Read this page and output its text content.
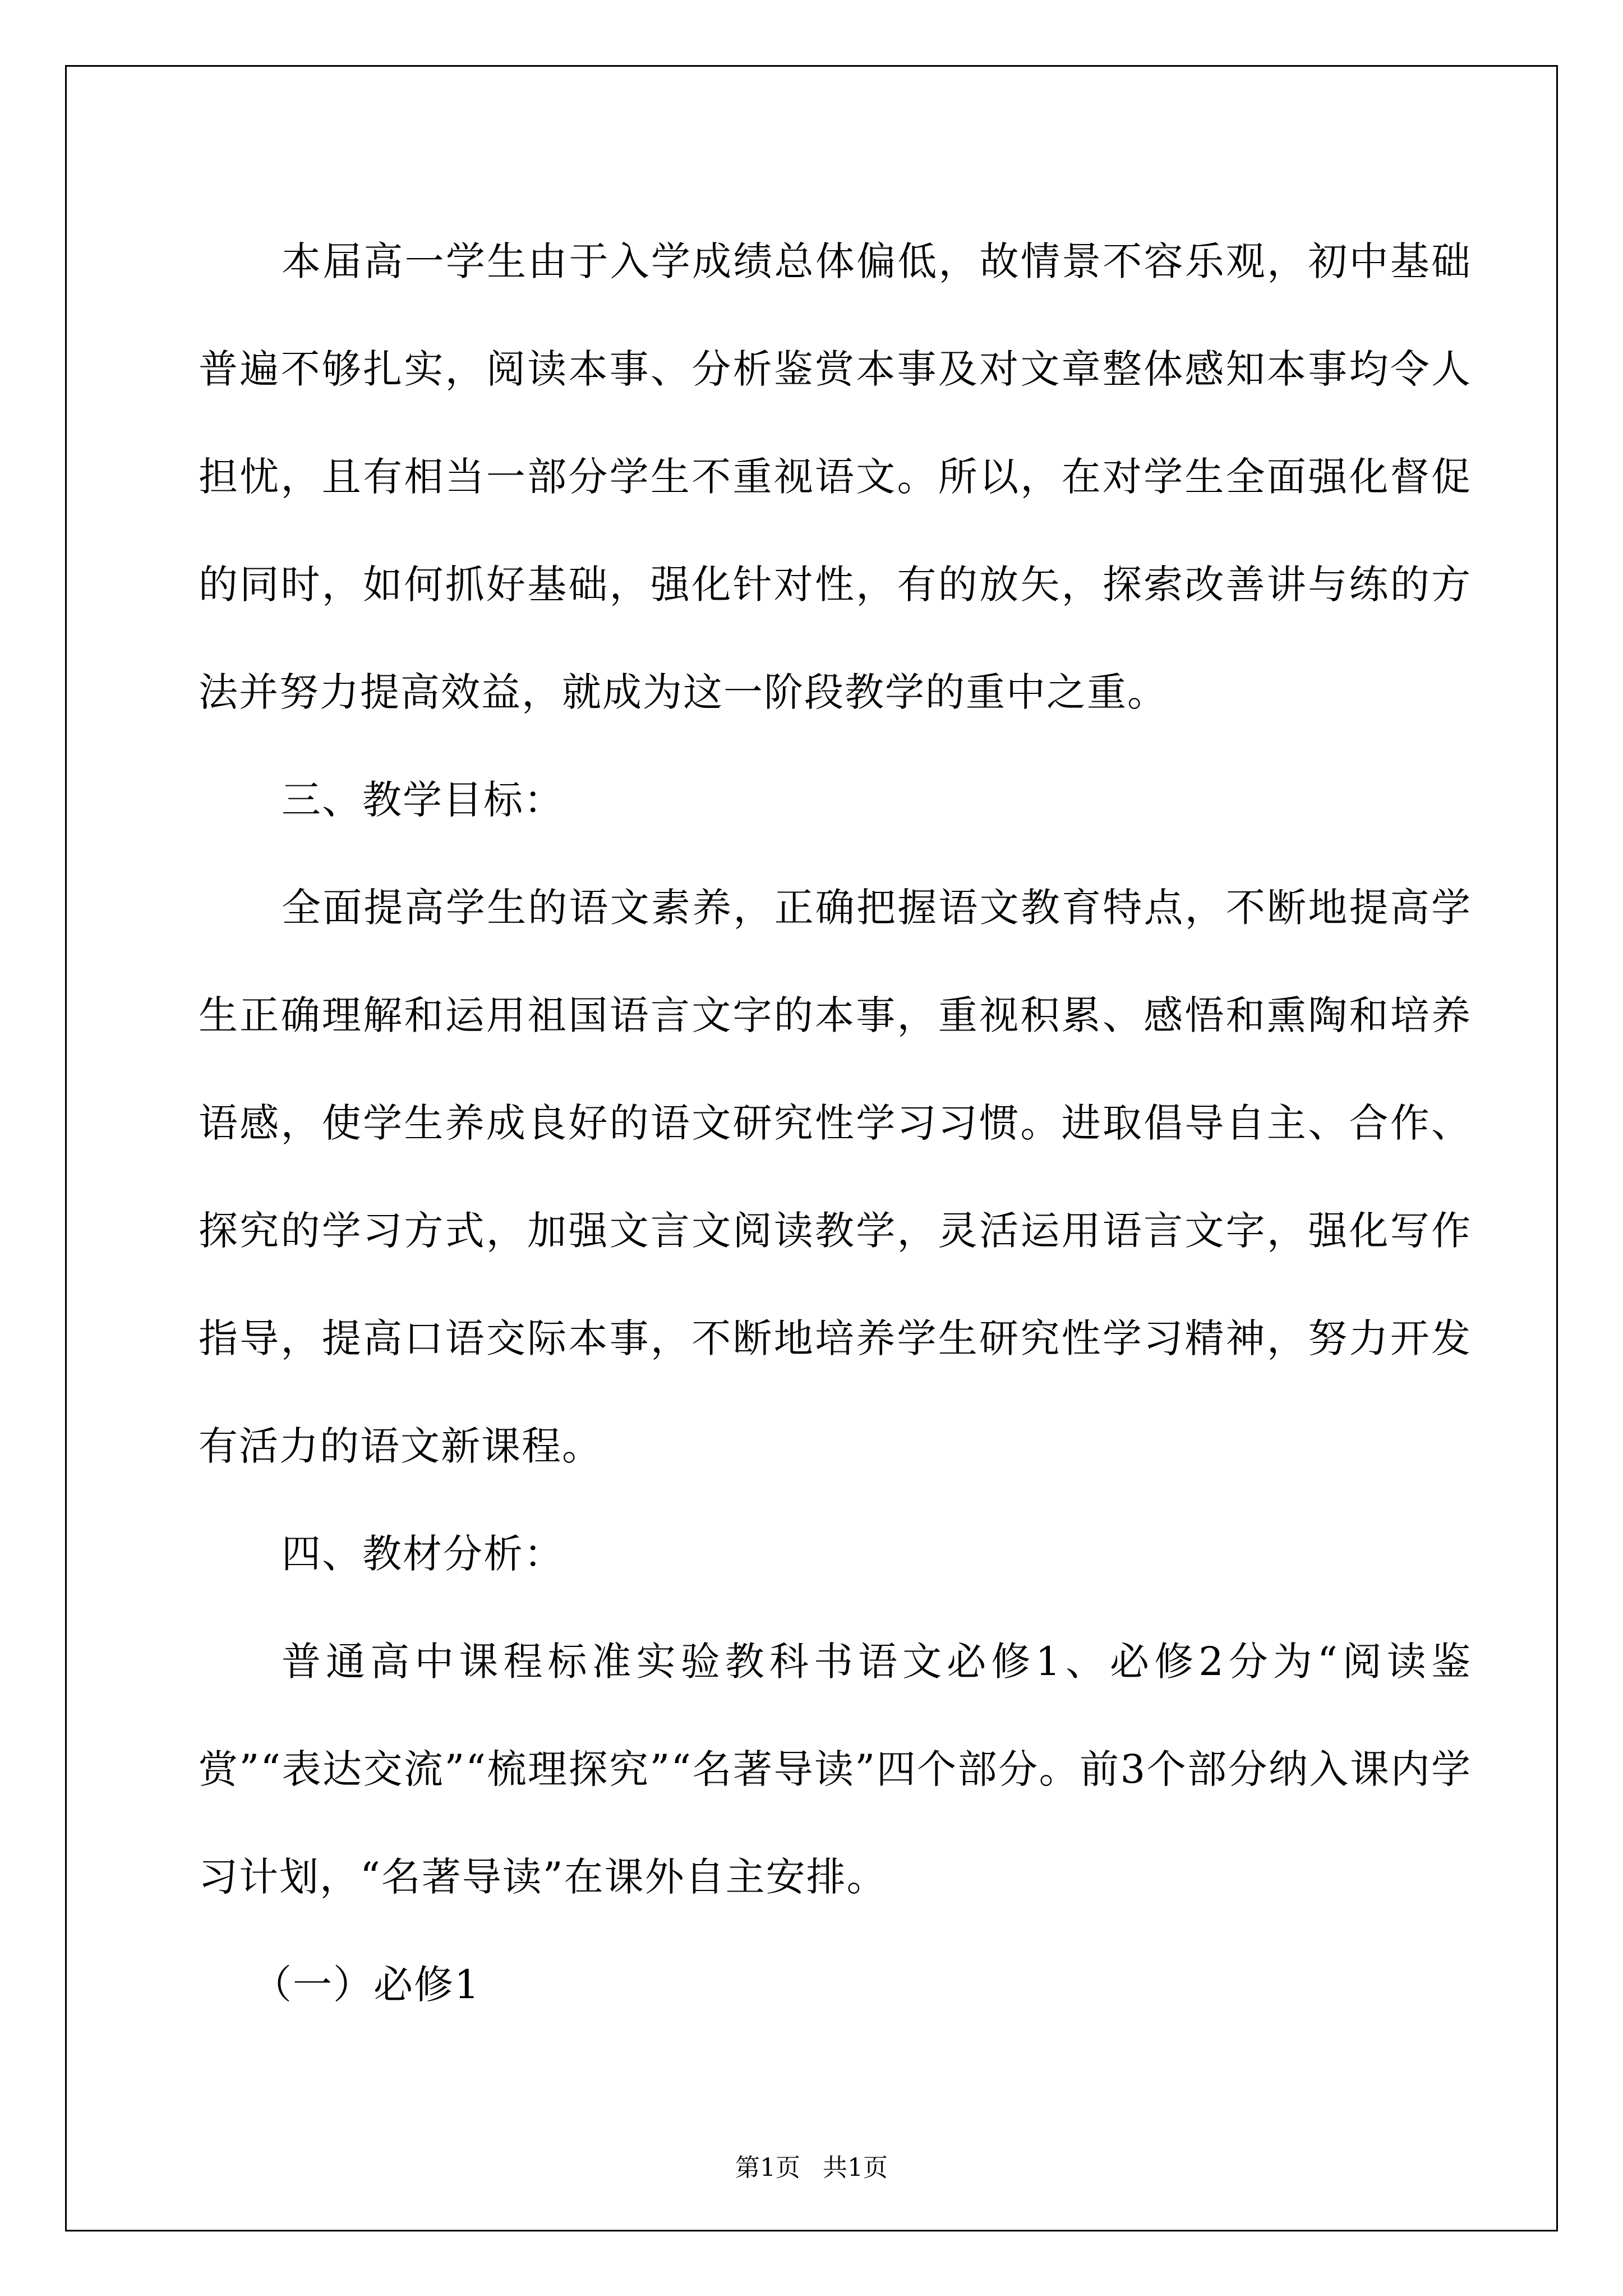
本届高一学生由于入学成绩总体偏低，故情景不容乐观，初中基础普遍不够扎实，阅读本事、分析鉴赏本事及对文章整体感知本事均令人担忧，且有相当一部分学生不重视语文。所以，在对学生全面强化督促的同时，如何抓好基础，强化针对性，有的放矢，探索改善讲与练的方法并努力提高效益，就成为这一阶段教学的重中之重。

三、教学目标：

全面提高学生的语文素养，正确把握语文教育特点，不断地提高学生正确理解和运用祖国语言文字的本事，重视积累、感悟和熏陶和培养语感，使学生养成良好的语文研究性学习习惯。进取倡导自主、合作、探究的学习方式，加强文言文阅读教学，灵活运用语言文字，强化写作指导，提高口语交际本事，不断地培养学生研究性学习精神，努力开发有活力的语文新课程。

四、教材分析：

普通高中课程标准实验教科书语文必修1、必修2分为“阅读鉴赏”“表达交流”“梳理探究”“名著导读”四个部分。前3个部分纳入课内学习计划，“名著导读”在课外自主安排。

（一）必修1

第1页 共1页
